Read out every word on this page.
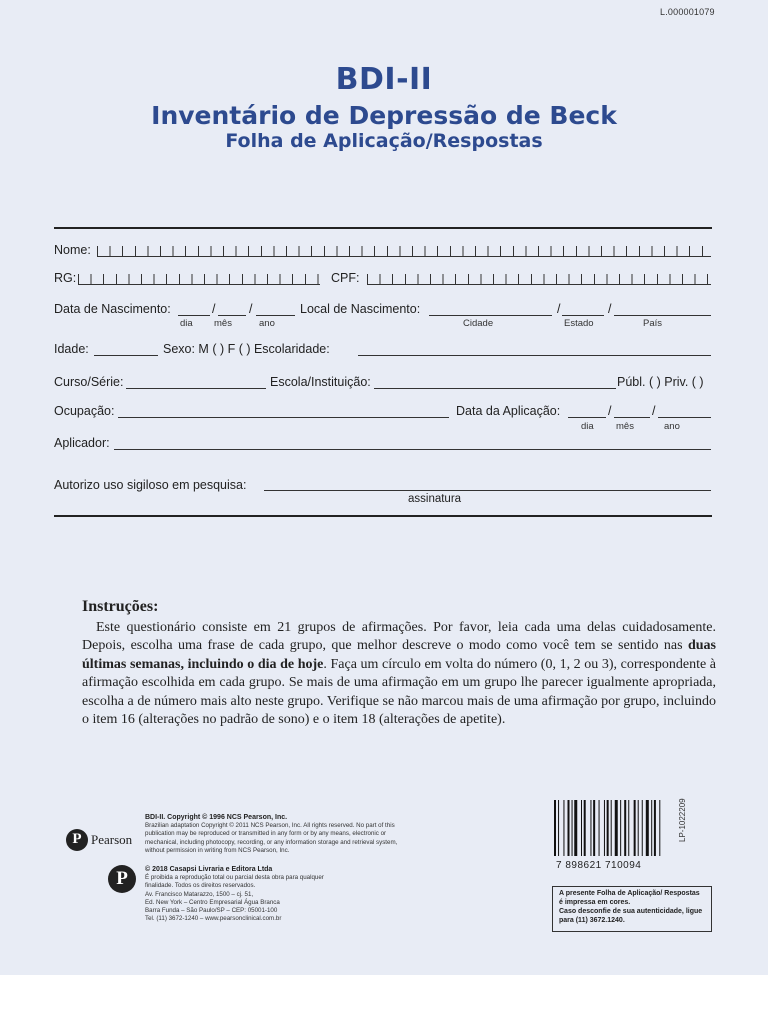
L.000001079
BDI-II
Inventário de Depressão de Beck
Folha de Aplicação/Respostas
Nome:
RG:	CPF:
Data de Nascimento:	/	/
dia mês	ano
Local de Nascimento:	/	/
Cidade	Estado	País
Idade:	Sexo: M ( ) F ( ) Escolaridade:
Curso/Série:	Escola/Instituição:	Públ. ( ) Priv. ( )
Ocupação:	Data da Aplicação:	/	/
dia mês	ano
Aplicador:
Autorizo uso sigiloso em pesquisa:
assinatura
Instruções:

Este questionário consiste em 21 grupos de afirmações. Por favor, leia cada uma delas cuidadosamente. Depois, escolha uma frase de cada grupo, que melhor descreve o modo como você tem se sentido nas duas últimas semanas, incluindo o dia de hoje. Faça um círculo em volta do número (0, 1, 2 ou 3), correspondente à afirmação escolhida em cada grupo. Se mais de uma afirmação em um grupo lhe parecer igualmente apropriada, escolha a de número mais alto neste grupo. Verifique se não marcou mais de uma afirmação por grupo, incluindo o item 16 (alterações no padrão de sono) e o item 18 (alterações de apetite).

P Pearson
P
BDI-II. Copyright © 1996 NCS Pearson, Inc.
Brazilian adaptation Copyright © 2011 NCS Pearson, Inc. All rights reserved. No part of this publication may be reproduced or transmitted in any form or by any means, electronic or mechanical, including photocopy, recording, or any information storage and retrieval system, without permission in writing from NCS Pearson, Inc.
© 2018 Casapsi Livraria e Editora Ltda
É proibida a reprodução total ou parcial desta obra para qualquer finalidade. Todos os direitos reservados.
Av. Francisco Matarazzo, 1500 – cj. 51,
Ed. New York – Centro Empresarial Água Branca
Barra Funda – São Paulo/SP – CEP: 05001-100
Tel. (11) 3672-1240 – www.pearsonclinical.com.br
7 898621 710094
LP-1022209
A presente Folha de Aplicação/ Respostas é impressa em cores.
Caso desconfie de sua autenticidade, ligue para (11) 3672.1240.
